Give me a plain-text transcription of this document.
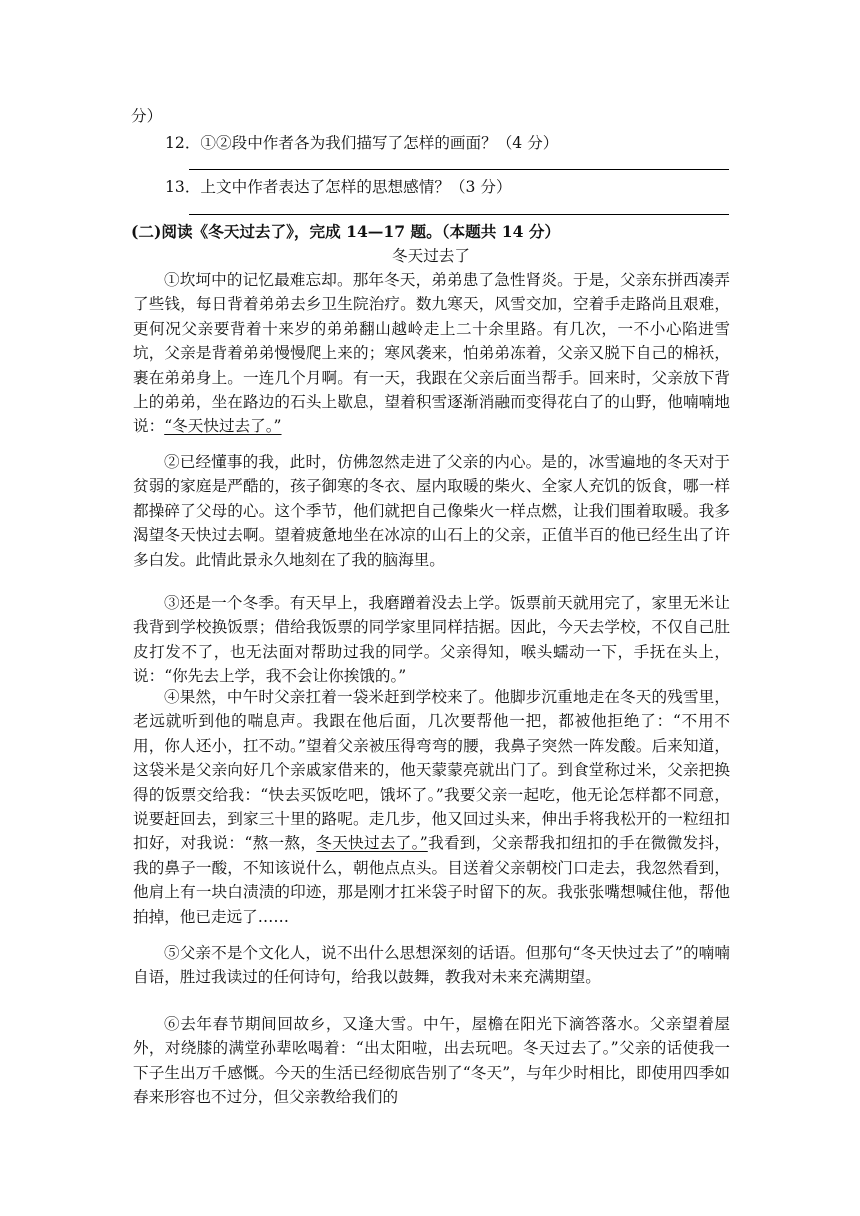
分）
12．①②段中作者各为我们描写了怎样的画面？（4 分）
13．上文中作者表达了怎样的思想感情？（3 分）
(二)阅读《冬天过去了》，完成 14—17 题。（本题共 14 分）
冬天过去了

①坎坷中的记忆最难忘却。那年冬天，弟弟患了急性肾炎。于是，父亲东拼西凑弄了些钱，每日背着弟弟去乡卫生院治疗。数九寒天，风雪交加，空着手走路尚且艰难，更何况父亲要背着十来岁的弟弟翻山越岭走上二十余里路。有几次，一不小心陷进雪坑，父亲是背着弟弟慢慢爬上来的；寒风袭来，怕弟弟冻着，父亲又脱下自己的棉袄，裹在弟弟身上。一连几个月啊。有一天，我跟在父亲后面当帮手。回来时，父亲放下背上的弟弟，坐在路边的石头上歇息，望着积雪逐渐消融而变得花白了的山野，他喃喃地说：“冬天快过去了。”

②已经懂事的我，此时，仿佛忽然走进了父亲的内心。是的，冰雪遍地的冬天对于贫弱的家庭是严酷的，孩子御寒的冬衣、屋内取暖的柴火、全家人充饥的饭食，哪一样都操碎了父母的心。这个季节，他们就把自己像柴火一样点燃，让我们围着取暖。我多渴望冬天快过去啊。望着疲惫地坐在冰凉的山石上的父亲，正值半百的他已经生出了许多白发。此情此景永久地刻在了我的脑海里。

③还是一个冬季。有天早上，我磨蹭着没去上学。饭票前天就用完了，家里无米让我背到学校换饭票；借给我饭票的同学家里同样拮据。因此，今天去学校，不仅自己肚皮打发不了，也无法面对帮助过我的同学。父亲得知，喉头蠕动一下，手抚在头上，说：“你先去上学，我不会让你挨饿的。”

④果然，中午时父亲扛着一袋米赶到学校来了。他脚步沉重地走在冬天的残雪里，老远就听到他的喘息声。我跟在他后面，几次要帮他一把，都被他拒绝了：“不用不用，你人还小，扛不动。”望着父亲被压得弯弯的腰，我鼻子突然一阵发酸。后来知道，这袋米是父亲向好几个亲戚家借来的，他天蒙蒙亮就出门了。到食堂称过米，父亲把换得的饭票交给我：“快去买饭吃吧，饿坏了。”我要父亲一起吃，他无论怎样都不同意，说要赶回去，到家三十里的路呢。走几步，他又回过头来，伸出手将我松开的一粒纽扣扣好，对我说：“熬一熬，冬天快过去了。”我看到，父亲帮我扣纽扣的手在微微发抖，我的鼻子一酸，不知该说什么，朝他点点头。目送着父亲朝校门口走去，我忽然看到，他肩上有一块白渍渍的印迹，那是刚才扛米袋子时留下的灰。我张张嘴想喊住他，帮他拍掉，他已走远了……

⑤父亲不是个文化人，说不出什么思想深刻的话语。但那句“冬天快过去了”的喃喃自语，胜过我读过的任何诗句，给我以鼓舞，教我对未来充满期望。

⑥去年春节期间回故乡，又逢大雪。中午，屋檐在阳光下滴答落水。父亲望着屋外，对绕膝的满堂孙辈吆喝着：“出太阳啦，出去玩吧。冬天过去了。”父亲的话使我一下子生出万千感慨。今天的生活已经彻底告别了“冬天”，与年少时相比，即使用四季如春来形容也不过分，但父亲教给我们的
